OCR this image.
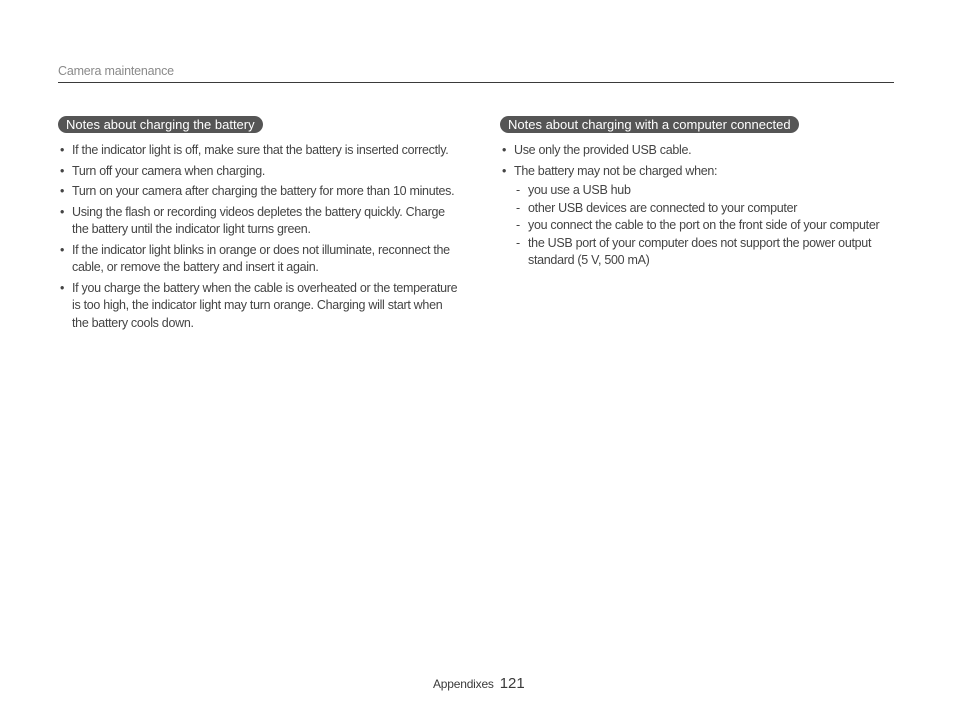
Camera maintenance
Notes about charging the battery
• If the indicator light is off, make sure that the battery is inserted correctly.
• Turn off your camera when charging.
• Turn on your camera after charging the battery for more than 10 minutes.
• Using the flash or recording videos depletes the battery quickly. Charge the battery until the indicator light turns green.
• If the indicator light blinks in orange or does not illuminate, reconnect the cable, or remove the battery and insert it again.
• If you charge the battery when the cable is overheated or the temperature is too high, the indicator light may turn orange. Charging will start when the battery cools down.
Notes about charging with a computer connected
• Use only the provided USB cable.
• The battery may not be charged when:
- you use a USB hub
- other USB devices are connected to your computer
- you connect the cable to the port on the front side of your computer
- the USB port of your computer does not support the power output standard (5 V, 500 mA)
Appendixes 121
